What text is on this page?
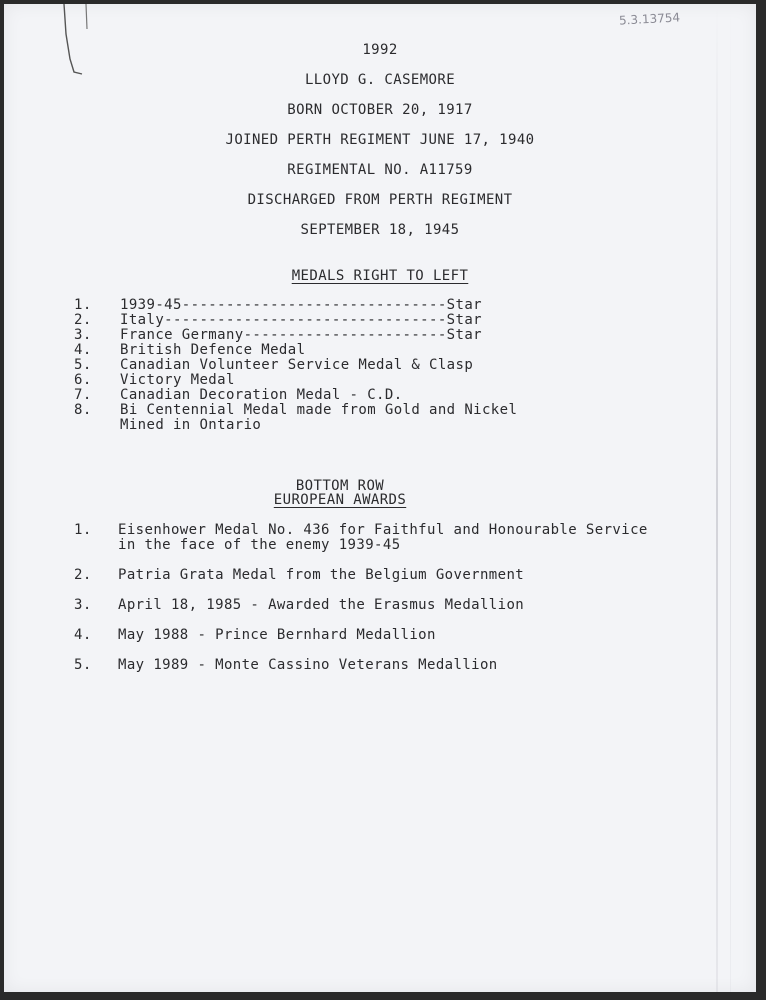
5.3.13754
1992
LLOYD G. CASEMORE
BORN OCTOBER 20, 1917
JOINED PERTH REGIMENT JUNE 17, 1940
REGIMENTAL NO. A11759
DISCHARGED FROM PERTH REGIMENT
SEPTEMBER 18, 1945
MEDALS RIGHT TO LEFT
1. 1939-45------------------------------Star
2. Italy--------------------------------Star
3. France Germany-----------------------Star
4. British Defence Medal
5. Canadian Volunteer Service Medal & Clasp
6. Victory Medal
7. Canadian Decoration Medal - C.D.
8. Bi Centennial Medal made from Gold and Nickel
Mined in Ontario
BOTTOM ROW
EUROPEAN AWARDS
1. Eisenhower Medal No. 436 for Faithful and Honourable Service
in the face of the enemy 1939-45
2. Patria Grata Medal from the Belgium Government
3. April 18, 1985 - Awarded the Erasmus Medallion
4. May 1988 - Prince Bernhard Medallion
5. May 1989 - Monte Cassino Veterans Medallion
